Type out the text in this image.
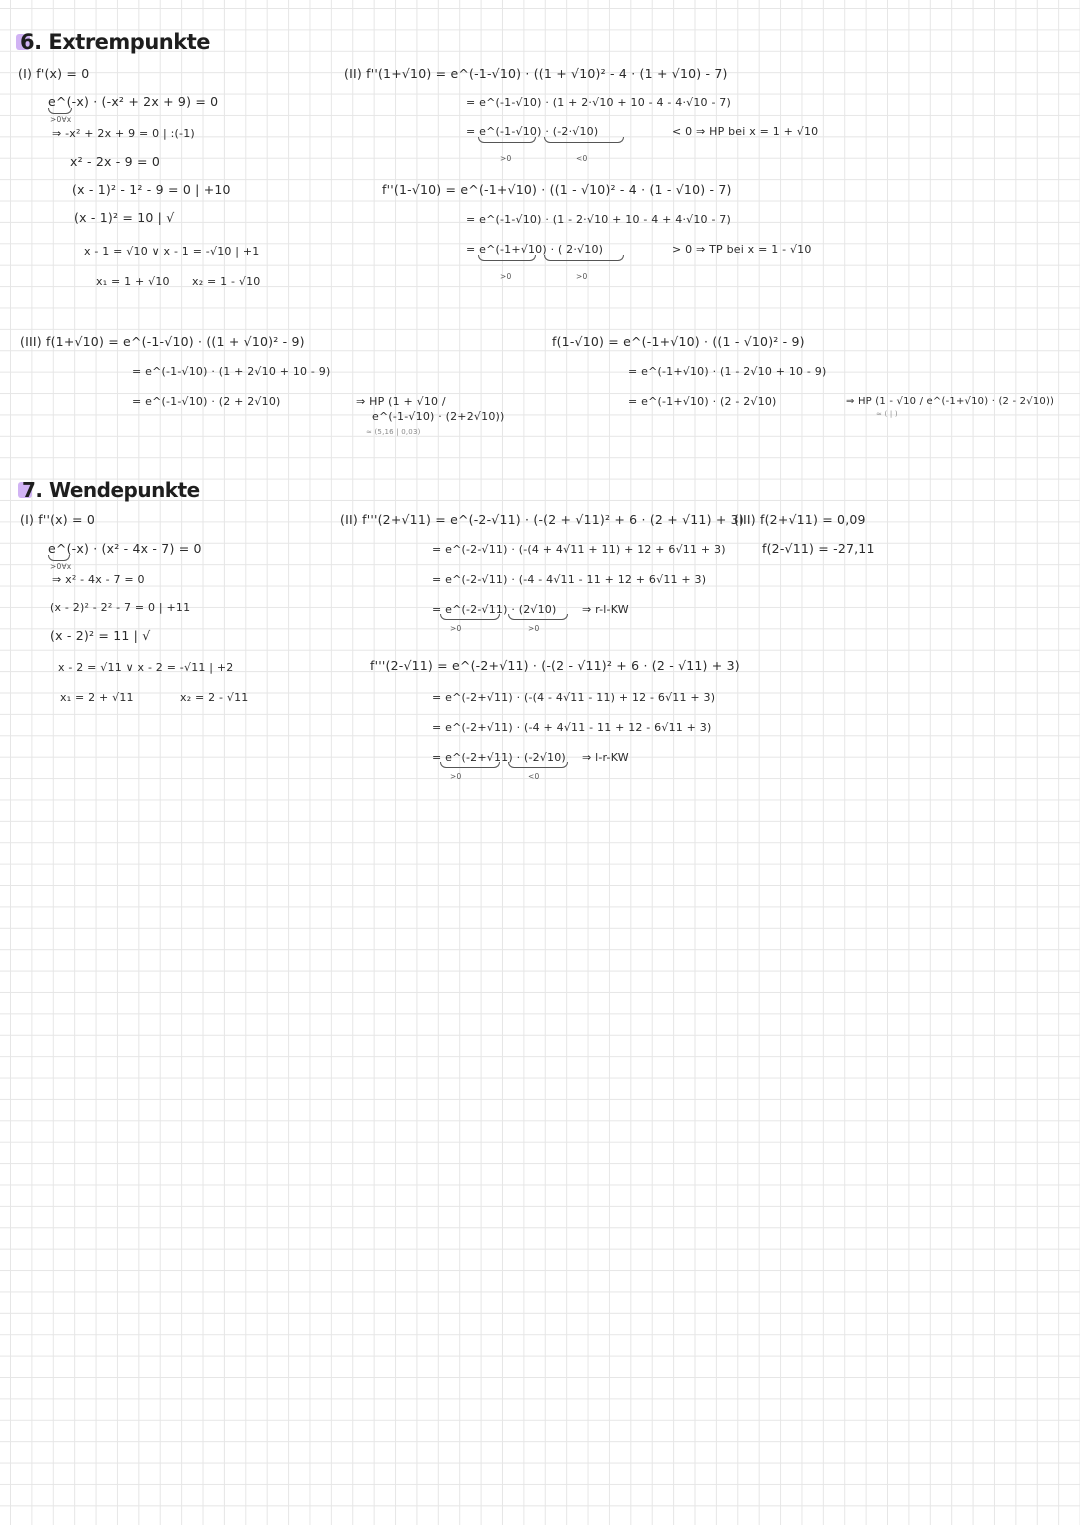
6. Extrempunkte
(I) f'(x) = 0
e^(-x) · (-x² + 2x + 9) = 0
>0∀x
⇒ -x² + 2x + 9 = 0 | :(-1)
x² - 2x - 9 = 0
(x - 1)² - 1² - 9 = 0 | +10
(x - 1)² = 10 | √
x - 1 = √10 ∨ x - 1 = -√10 | +1
x₁ = 1 + √10 x₂ = 1 - √10
(II) f''(1+√10) = e^(-1-√10) · ((1 + √10)² - 4 · (1 + √10) - 7)
= e^(-1-√10) · (1 + 2·√10 + 10 - 4 - 4·√10 - 7)
= e^(-1-√10) · (-2·√10)	< 0 ⇒ HP bei x = 1 + √10
>0	<0
f''(1-√10) = e^(-1+√10) · ((1 - √10)² - 4 · (1 - √10) - 7)
= e^(-1-√10) · (1 - 2·√10 + 10 - 4 + 4·√10 - 7)
= e^(-1+√10) · ( 2·√10)	> 0 ⇒ TP bei x = 1 - √10
>0	>0
(III) f(1+√10) = e^(-1-√10) · ((1 + √10)² - 9)
= e^(-1-√10) · (1 + 2√10 + 10 - 9)
= e^(-1-√10) · (2 + 2√10)	⇒ HP (1 + √10 /
e^(-1-√10) · (2+2√10))
≈ (5,16 | 0,03)
f(1-√10) = e^(-1+√10) · ((1 - √10)² - 9)
= e^(-1+√10) · (1 - 2√10 + 10 - 9)
= e^(-1+√10) · (2 - 2√10)	⇒ HP (1 - √10 / e^(-1+√10) · (2 - 2√10))
≈ ( | )
7. Wendepunkte
(I) f''(x) = 0
e^(-x) · (x² - 4x - 7) = 0
>0∀x
⇒ x² - 4x - 7 = 0
(x - 2)² - 2² - 7 = 0 | +11
(x - 2)² = 11 | √
x - 2 = √11 ∨ x - 2 = -√11 | +2
x₁ = 2 + √11	x₂ = 2 - √11
(II) f'''(2+√11) = e^(-2-√11) · (-(2 + √11)² + 6 · (2 + √11) + 3)
= e^(-2-√11) · (-(4 + 4√11 + 11) + 12 + 6√11 + 3)
= e^(-2-√11) · (-4 - 4√11 - 11 + 12 + 6√11 + 3)
= e^(-2-√11) · (2√10) ⇒ r-l-KW
>0	>0
f'''(2-√11) = e^(-2+√11) · (-(2 - √11)² + 6 · (2 - √11) + 3)
= e^(-2+√11) · (-(4 - 4√11 - 11) + 12 - 6√11 + 3)
= e^(-2+√11) · (-4 + 4√11 - 11 + 12 - 6√11 + 3)
= e^(-2+√11) · (-2√10) ⇒ l-r-KW
>0	<0
(III) f(2+√11) = 0,09
f(2-√11) = -27,11
